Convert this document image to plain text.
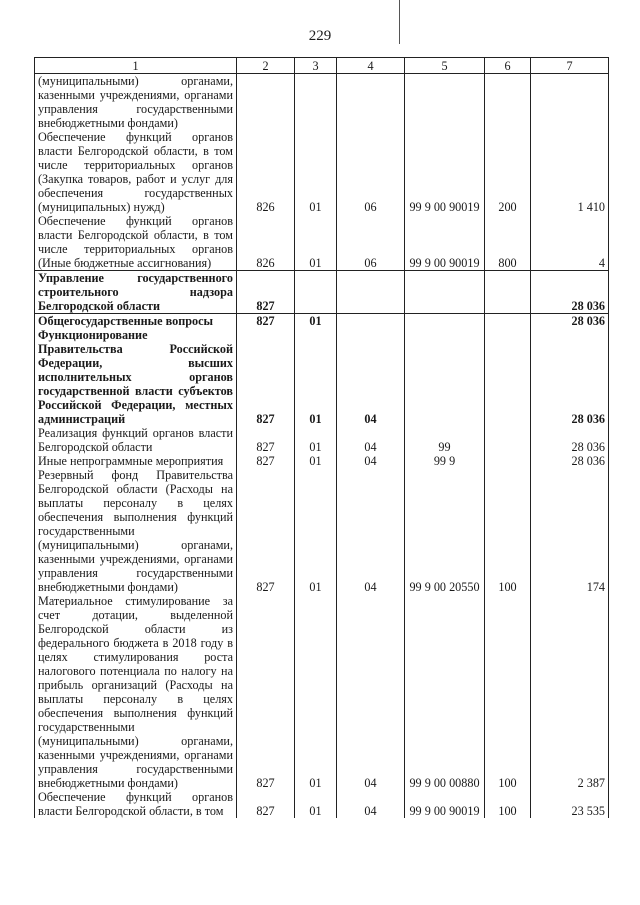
229
1	2	3	4	5	6	7
(муниципальными) органами, казенными учреждениями, органами управления государственными внебюджетными фондами)						
Обеспечение функций органов власти Белгородской области, в том числе территориальных органов (Закупка товаров, работ и услуг для обеспечения государственных (муниципальных) нужд)	826	01	06	99 9 00 90019	200	1 410
Обеспечение функций органов власти Белгородской области, в том числе территориальных органов (Иные бюджетные ассигнования)	826	01	06	99 9 00 90019	800	4
Управление государственного строительного надзора Белгородской области	827					28 036
Общегосударственные вопросы	827	01				28 036
Функционирование Правительства Российской Федерации, высших исполнительных органов государственной власти субъектов Российской Федерации, местных администраций	827	01	04			28 036
Реализация функций органов власти Белгородской области	827	01	04	99		28 036
Иные непрограммные мероприятия	827	01	04	99 9		28 036
Резервный фонд Правительства Белгородской области (Расходы на выплаты персоналу в целях обеспечения выполнения функций государственными (муниципальными) органами, казенными учреждениями, органами управления государственными внебюджетными фондами)	827	01	04	99 9 00 20550	100	174
Материальное стимулирование за счет дотации, выделенной Белгородской области из федерального бюджета в 2018 году в целях стимулирования роста налогового потенциала по налогу на прибыль организаций (Расходы на выплаты персоналу в целях обеспечения выполнения функций государственными (муниципальными) органами, казенными учреждениями, органами управления государственными внебюджетными фондами)	827	01	04	99 9 00 00880	100	2 387
Обеспечение функций органов власти Белгородской области, в том	827	01	04	99 9 00 90019	100	23 535
